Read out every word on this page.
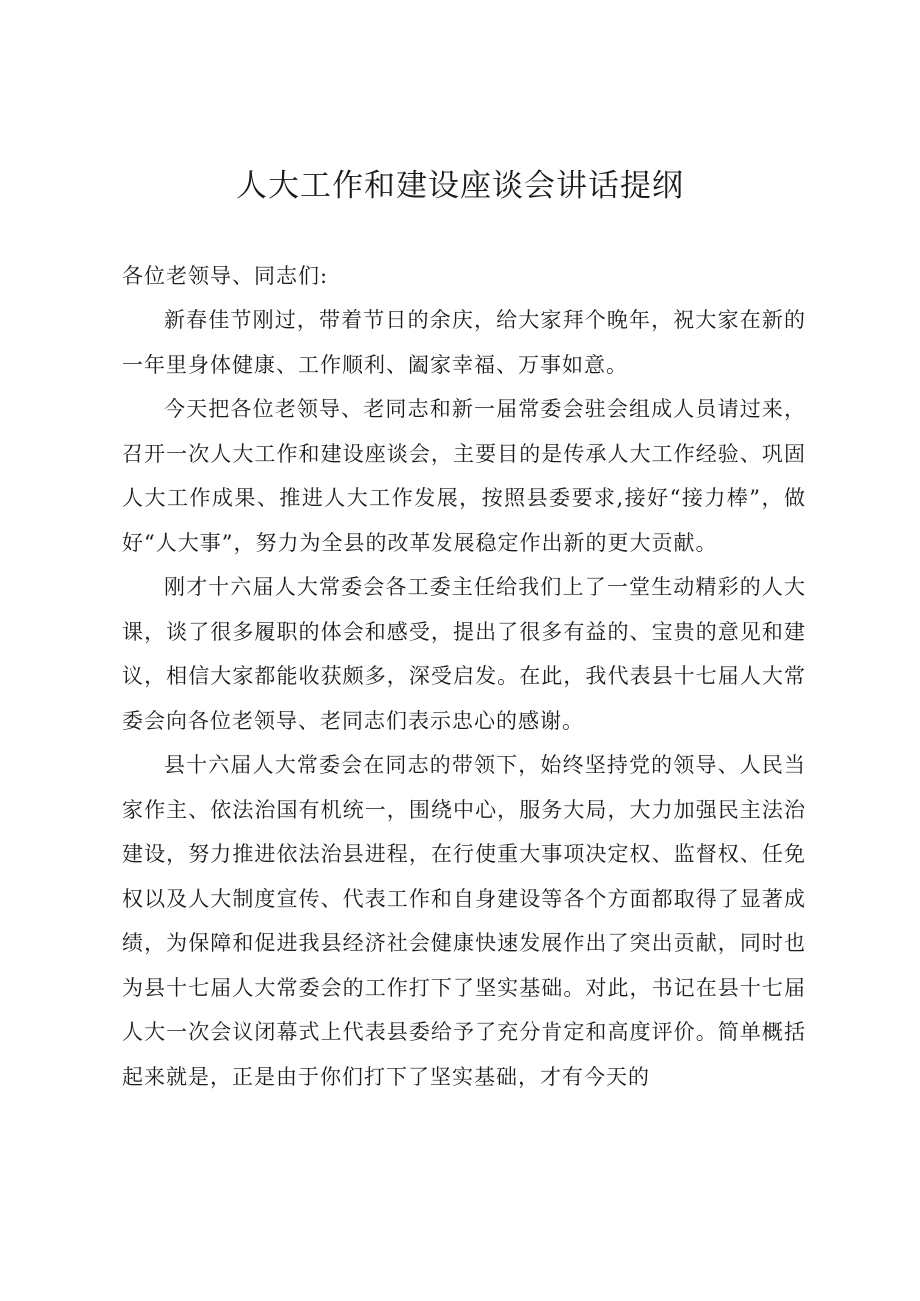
人大工作和建设座谈会讲话提纲

各位老领导、同志们:

新春佳节刚过，带着节日的余庆，给大家拜个晚年，祝大家在新的一年里身体健康、工作顺利、阖家幸福、万事如意。

今天把各位老领导、老同志和新一届常委会驻会组成人员请过来，召开一次人大工作和建设座谈会，主要目的是传承人大工作经验、巩固人大工作成果、推进人大工作发展，按照县委要求,接好“接力棒”，做好“人大事”，努力为全县的改革发展稳定作出新的更大贡献。

刚才十六届人大常委会各工委主任给我们上了一堂生动精彩的人大课，谈了很多履职的体会和感受，提出了很多有益的、宝贵的意见和建议，相信大家都能收获颇多，深受启发。在此，我代表县十七届人大常委会向各位老领导、老同志们表示忠心的感谢。

县十六届人大常委会在同志的带领下，始终坚持党的领导、人民当家作主、依法治国有机统一，围绕中心，服务大局，大力加强民主法治建设，努力推进依法治县进程，在行使重大事项决定权、监督权、任免权以及人大制度宣传、代表工作和自身建设等各个方面都取得了显著成绩，为保障和促进我县经济社会健康快速发展作出了突出贡献，同时也为县十七届人大常委会的工作打下了坚实基础。对此，书记在县十七届人大一次会议闭幕式上代表县委给予了充分肯定和高度评价。简单概括起来就是，正是由于你们打下了坚实基础，才有今天的
